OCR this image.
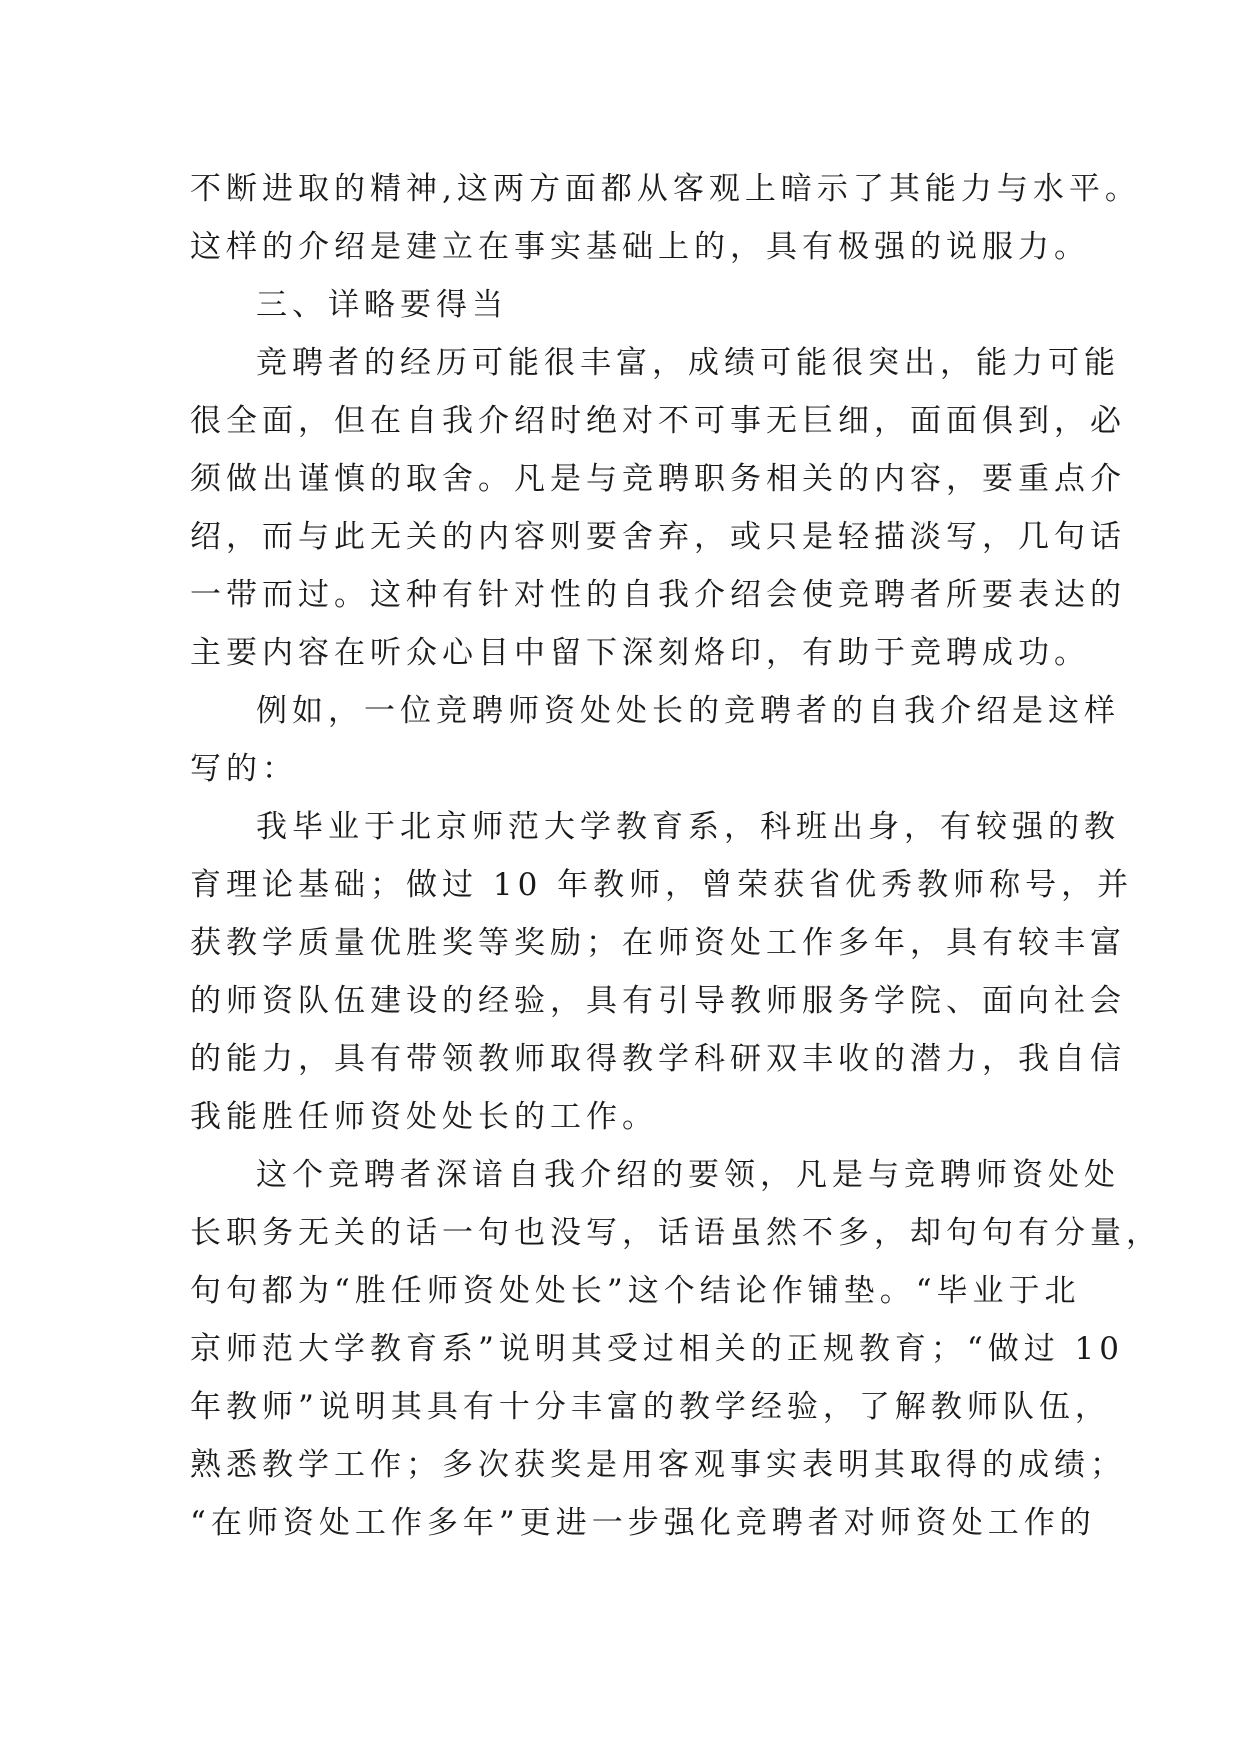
不断进取的精神,这两方面都从客观上暗示了其能力与水平。
这样的介绍是建立在事实基础上的，具有极强的说服力。
三、详略要得当
竞聘者的经历可能很丰富，成绩可能很突出，能力可能
很全面，但在自我介绍时绝对不可事无巨细，面面俱到，必
须做出谨慎的取舍。凡是与竞聘职务相关的内容，要重点介
绍，而与此无关的内容则要舍弃，或只是轻描淡写，几句话
一带而过。这种有针对性的自我介绍会使竞聘者所要表达的
主要内容在听众心目中留下深刻烙印，有助于竞聘成功。
例如，一位竞聘师资处处长的竞聘者的自我介绍是这样
写的：
我毕业于北京师范大学教育系，科班出身，有较强的教
育理论基础；做过 10 年教师，曾荣获省优秀教师称号，并
获教学质量优胜奖等奖励；在师资处工作多年，具有较丰富
的师资队伍建设的经验，具有引导教师服务学院、面向社会
的能力，具有带领教师取得教学科研双丰收的潜力，我自信
我能胜任师资处处长的工作。
这个竞聘者深谙自我介绍的要领，凡是与竞聘师资处处
长职务无关的话一句也没写，话语虽然不多，却句句有分量，
句句都为“胜任师资处处长”这个结论作铺垫。“毕业于北
京师范大学教育系”说明其受过相关的正规教育；“做过 10
年教师”说明其具有十分丰富的教学经验，了解教师队伍，
熟悉教学工作；多次获奖是用客观事实表明其取得的成绩；
“在师资处工作多年”更进一步强化竞聘者对师资处工作的
